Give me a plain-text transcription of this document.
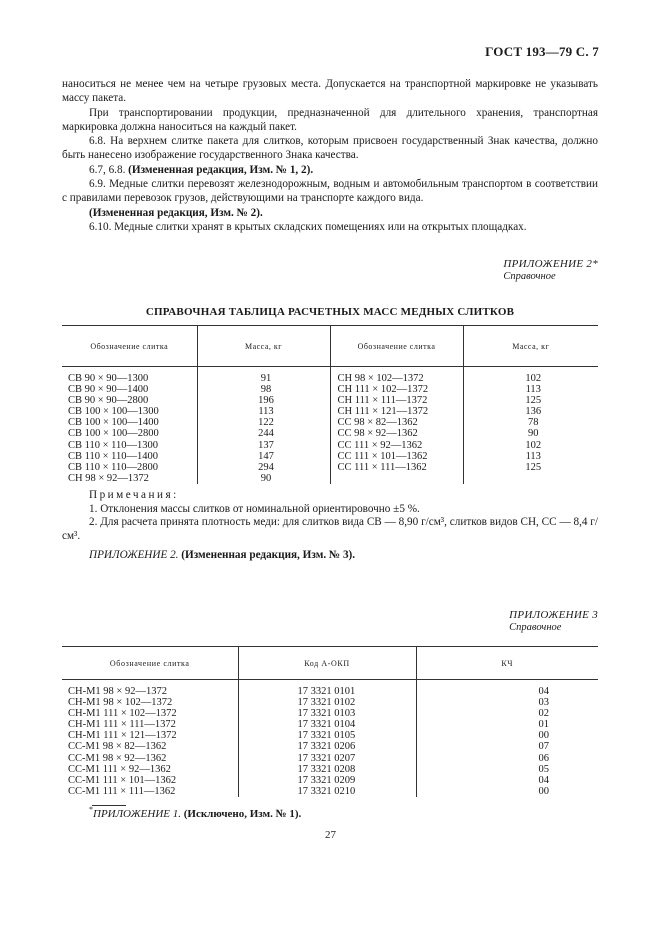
ГОСТ 193—79 С. 7

наноситься не менее чем на четыре грузовых места. Допускается на транспортной маркировке не указывать массу пакета.

При транспортировании продукции, предназначенной для длительного хранения, транспортная маркировка должна наноситься на каждый пакет.

6.8. На верхнем слитке пакета для слитков, которым присвоен государственный Знак качества, должно быть нанесено изображение государственного Знака качества.

6.7, 6.8. (Измененная редакция, Изм. № 1, 2).

6.9. Медные слитки перевозят железнодорожным, водным и автомобильным транспортом в соответствии с правилами перевозок грузов, действующими на транспорте каждого вида.

(Измененная редакция, Изм. № 2).

6.10. Медные слитки хранят в крытых складских помещениях или на открытых площадках.

ПРИЛОЖЕНИЕ 2*
Справочное
СПРАВОЧНАЯ ТАБЛИЦА РАСЧЕТНЫХ МАСС МЕДНЫХ СЛИТКОВ
Обозначение слитка	Масса, кг	Обозначение слитка	Масса, кг
СВ 90 × 90—1300	91	СН 98 × 102—1372	102
СВ 90 × 90—1400	98	СН 111 × 102—1372	113
СВ 90 × 90—2800	196	СН 111 × 111—1372	125
СВ 100 × 100—1300	113	СН 111 × 121—1372	136
СВ 100 × 100—1400	122	СС 98 × 82—1362	78
СВ 100 × 100—2800	244	СС 98 × 92—1362	90
СВ 110 × 110—1300	137	СС 111 × 92—1362	102
СВ 110 × 110—1400	147	СС 111 × 101—1362	113
СВ 110 × 110—2800	294	СС 111 × 111—1362	125
СН 98 × 92—1372	90		
Примечания:
1. Отклонения массы слитков от номинальной ориентировочно ±5 %.
2. Для расчета принята плотность меди: для слитков вида СВ — 8,90 г/см³, слитков видов СН, СС — 8,4 г/см³.
ПРИЛОЖЕНИЕ 2. (Измененная редакция, Изм. № 3).
ПРИЛОЖЕНИЕ 3
Справочное
Обозначение слитка	Код А-ОКП	КЧ
СН-М1 98 × 92—1372	17 3321 0101	04
СН-М1 98 × 102—1372	17 3321 0102	03
СН-М1 111 × 102—1372	17 3321 0103	02
СН-М1 111 × 111—1372	17 3321 0104	01
СН-М1 111 × 121—1372	17 3321 0105	00
СС-М1 98 × 82—1362	17 3321 0206	07
СС-М1 98 × 92—1362	17 3321 0207	06
СС-М1 111 × 92—1362	17 3321 0208	05
СС-М1 111 × 101—1362	17 3321 0209	04
СС-М1 111 × 111—1362	17 3321 0210	00
*ПРИЛОЖЕНИЕ 1. (Исключено, Изм. № 1).
27
